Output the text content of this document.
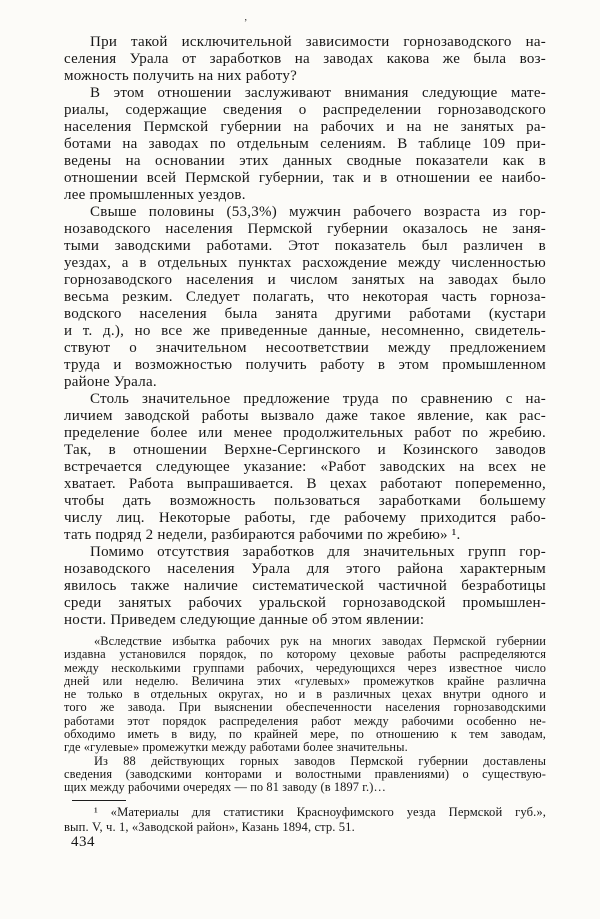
’

При такой исключительной зависимости горнозаводского на-
селения Урала от заработков на заводах какова же была воз-
можность получить на них работу?

В этом отношении заслуживают внимания следующие мате-
риалы, содержащие сведения о распределении горнозаводского
населения Пермской губернии на рабочих и на не занятых ра-
ботами на заводах по отдельным селениям. В таблице 109 при-
ведены на основании этих данных сводные показатели как в
отношении всей Пермской губернии, так и в отношении ее наибо-
лее промышленных уездов.

Свыше половины (53,3%) мужчин рабочего возраста из гор-
нозаводского населения Пермской губернии оказалось не заня-
тыми заводскими работами. Этот показатель был различен в
уездах, а в отдельных пунктах расхождение между численностью
горнозаводского населения и числом занятых на заводах было
весьма резким. Следует полагать, что некоторая часть горноза-
водского населения была занята другими работами (кустари
и т. д.), но все же приведенные данные, несомненно, свидетель-
ствуют о значительном несоответствии между предложением
труда и возможностью получить работу в этом промышленном
районе Урала.

Столь значительное предложение труда по сравнению с на-
личием заводской работы вызвало даже такое явление, как рас-
пределение более или менее продолжительных работ по жребию.
Так, в отношении Верхне-Сергинского и Козинского заводов
встречается следующее указание: «Работ заводских на всех не
хватает. Работа выпрашивается. В цехах работают попеременно,
чтобы дать возможность пользоваться заработками большему
числу лиц. Некоторые работы, где рабочему приходится рабо-
тать подряд 2 недели, разбираются рабочими по жребию» ¹.

Помимо отсутствия заработков для значительных групп гор-
нозаводского населения Урала для этого района характерным
явилось также наличие систематической частичной безработицы
среди занятых рабочих уральской горнозаводской промышлен-
ности. Приведем следующие данные об этом явлении:

«Вследствие избытка рабочих рук на многих заводах Пермской губернии
издавна установился порядок, по которому цеховые работы распределяются
между несколькими группами рабочих, чередующихся через известное число
дней или неделю. Величина этих «гулевых» промежутков крайне различна
не только в отдельных округах, но и в различных цехах внутри одного и
того же завода. При выяснении обеспеченности населения горнозаводскими
работами этот порядок распределения работ между рабочими особенно не-
обходимо иметь в виду, по крайней мере, по отношению к тем заводам,
где «гулевые» промежутки между работами более значительны.

Из 88 действующих горных заводов Пермской губернии доставлены
сведения (заводскими конторами и волостными правлениями) о существую-
щих между рабочими очередях — по 81 заводу (в 1897 г.)…

¹ «Материалы для статистики Красноуфимского уезда Пермской губ.»,
вып. V, ч. 1, «Заводской район», Казань 1894, стр. 51.

434
